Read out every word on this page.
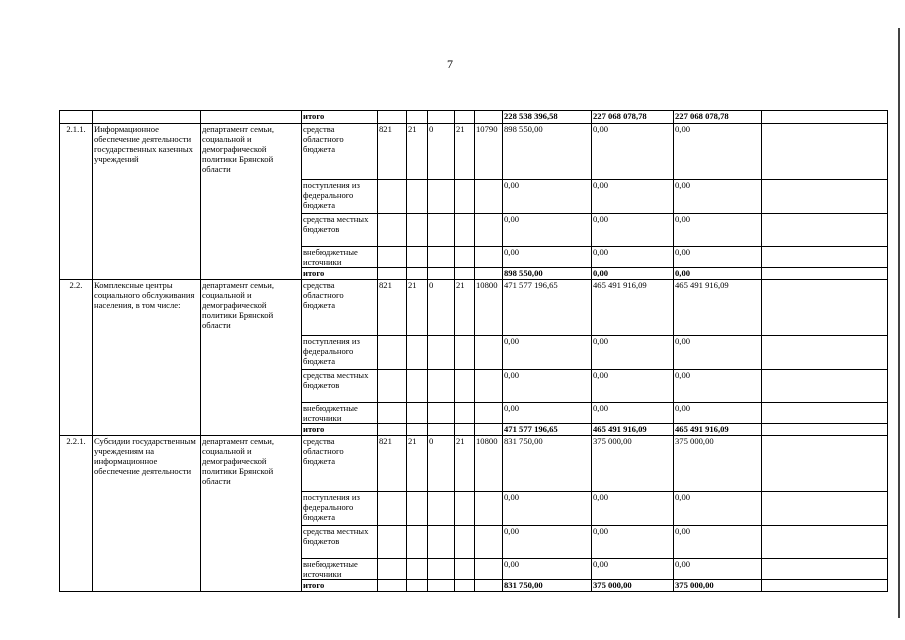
7
			итого						228 538 396,58	227 068 078,78	227 068 078,78	
2.1.1.	Информационное обеспечение деятельности государственных казенных учреждений	департамент семьи, социальной и демографической политики Брянской области	средства областного бюджета	821	21	0	21	10790	898 550,00	0,00	0,00	
			поступления из федерального бюджета						0,00	0,00	0,00	
			средства местных бюджетов						0,00	0,00	0,00	
			внебюджетные источники						0,00	0,00	0,00	
			итого						898 550,00	0,00	0,00	
2.2.	Комплексные центры социального обслуживания населения, в том числе:	департамент семьи, социальной и демографической политики Брянской области	средства областного бюджета	821	21	0	21	10800	471 577 196,65	465 491 916,09	465 491 916,09	
			поступления из федерального бюджета						0,00	0,00	0,00	
			средства местных бюджетов						0,00	0,00	0,00	
			внебюджетные источники						0,00	0,00	0,00	
			итого						471 577 196,65	465 491 916,09	465 491 916,09	
2.2.1.	Субсидии государственным учреждениям на информационное обеспечение деятельности	департамент семьи, социальной и демографической политики Брянской области	средства областного бюджета	821	21	0	21	10800	831 750,00	375 000,00	375 000,00	
			поступления из федерального бюджета						0,00	0,00	0,00	
			средства местных бюджетов						0,00	0,00	0,00	
			внебюджетные источники						0,00	0,00	0,00	
			итого						831 750,00	375 000,00	375 000,00	
